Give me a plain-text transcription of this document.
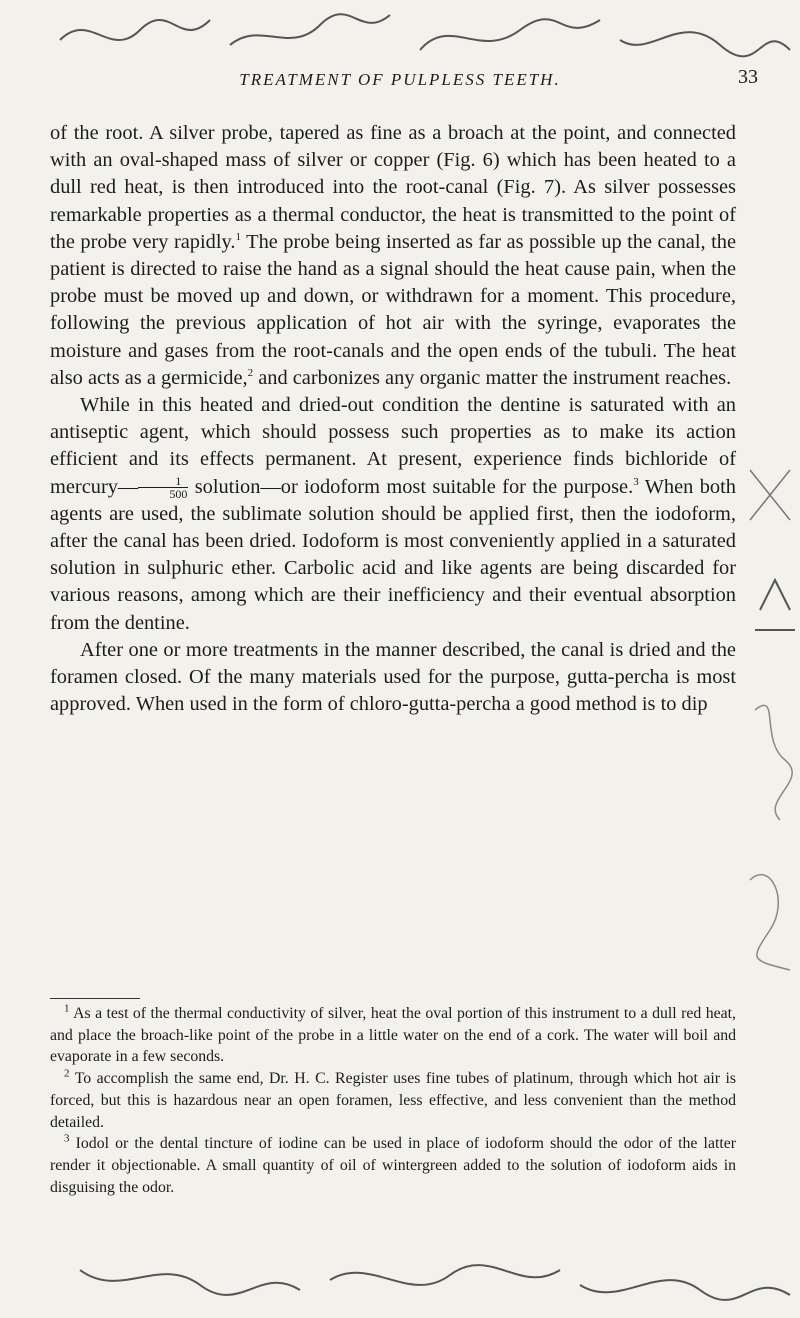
TREATMENT OF PULPLESS TEETH.	33

of the root. A silver probe, tapered as fine as a broach at the point, and connected with an oval-shaped mass of silver or copper (Fig. 6) which has been heated to a dull red heat, is then introduced into the root-canal (Fig. 7). As silver possesses remarkable properties as a thermal conductor, the heat is transmitted to the point of the probe very rapidly.$^1$ The probe being inserted as far as possible up the canal, the patient is directed to raise the hand as a signal should the heat cause pain, when the probe must be moved up and down, or withdrawn for a moment. This procedure, following the previous application of hot air with the syringe, evaporates the moisture and gases from the root-canals and the open ends of the tubuli. The heat also acts as a germicide,$^2$ and carbonizes any organic matter the instrument reaches.

While in this heated and dried-out condition the dentine is saturated with an antiseptic agent, which should possess such properties as to make its action efficient and its effects permanent. At present, experience finds bichloride of mercury— $\frac{1}{500}$ solution—or iodoform most suitable for the purpose.$^3$ When both agents are used, the sublimate solution should be applied first, then the iodoform, after the canal has been dried. Iodoform is most conveniently applied in a saturated solution in sulphuric ether. Carbolic acid and like agents are being discarded for various reasons, among which are their inefficiency and their eventual absorption from the dentine.

After one or more treatments in the manner described, the canal is dried and the foramen closed. Of the many materials used for the purpose, gutta-percha is most approved. When used in the form of chloro-gutta-percha a good method is to dip

$^1$ As a test of the thermal conductivity of silver, heat the oval portion of this instrument to a dull red heat, and place the broach-like point of the probe in a little water on the end of a cork. The water will boil and evaporate in a few seconds.

$^2$ To accomplish the same end, Dr. H. C. Register uses fine tubes of platinum, through which hot air is forced, but this is hazardous near an open foramen, less effective, and less convenient than the method detailed.

$^3$ Iodol or the dental tincture of iodine can be used in place of iodoform should the odor of the latter render it objectionable. A small quantity of oil of wintergreen added to the solution of iodoform aids in disguising the odor.
